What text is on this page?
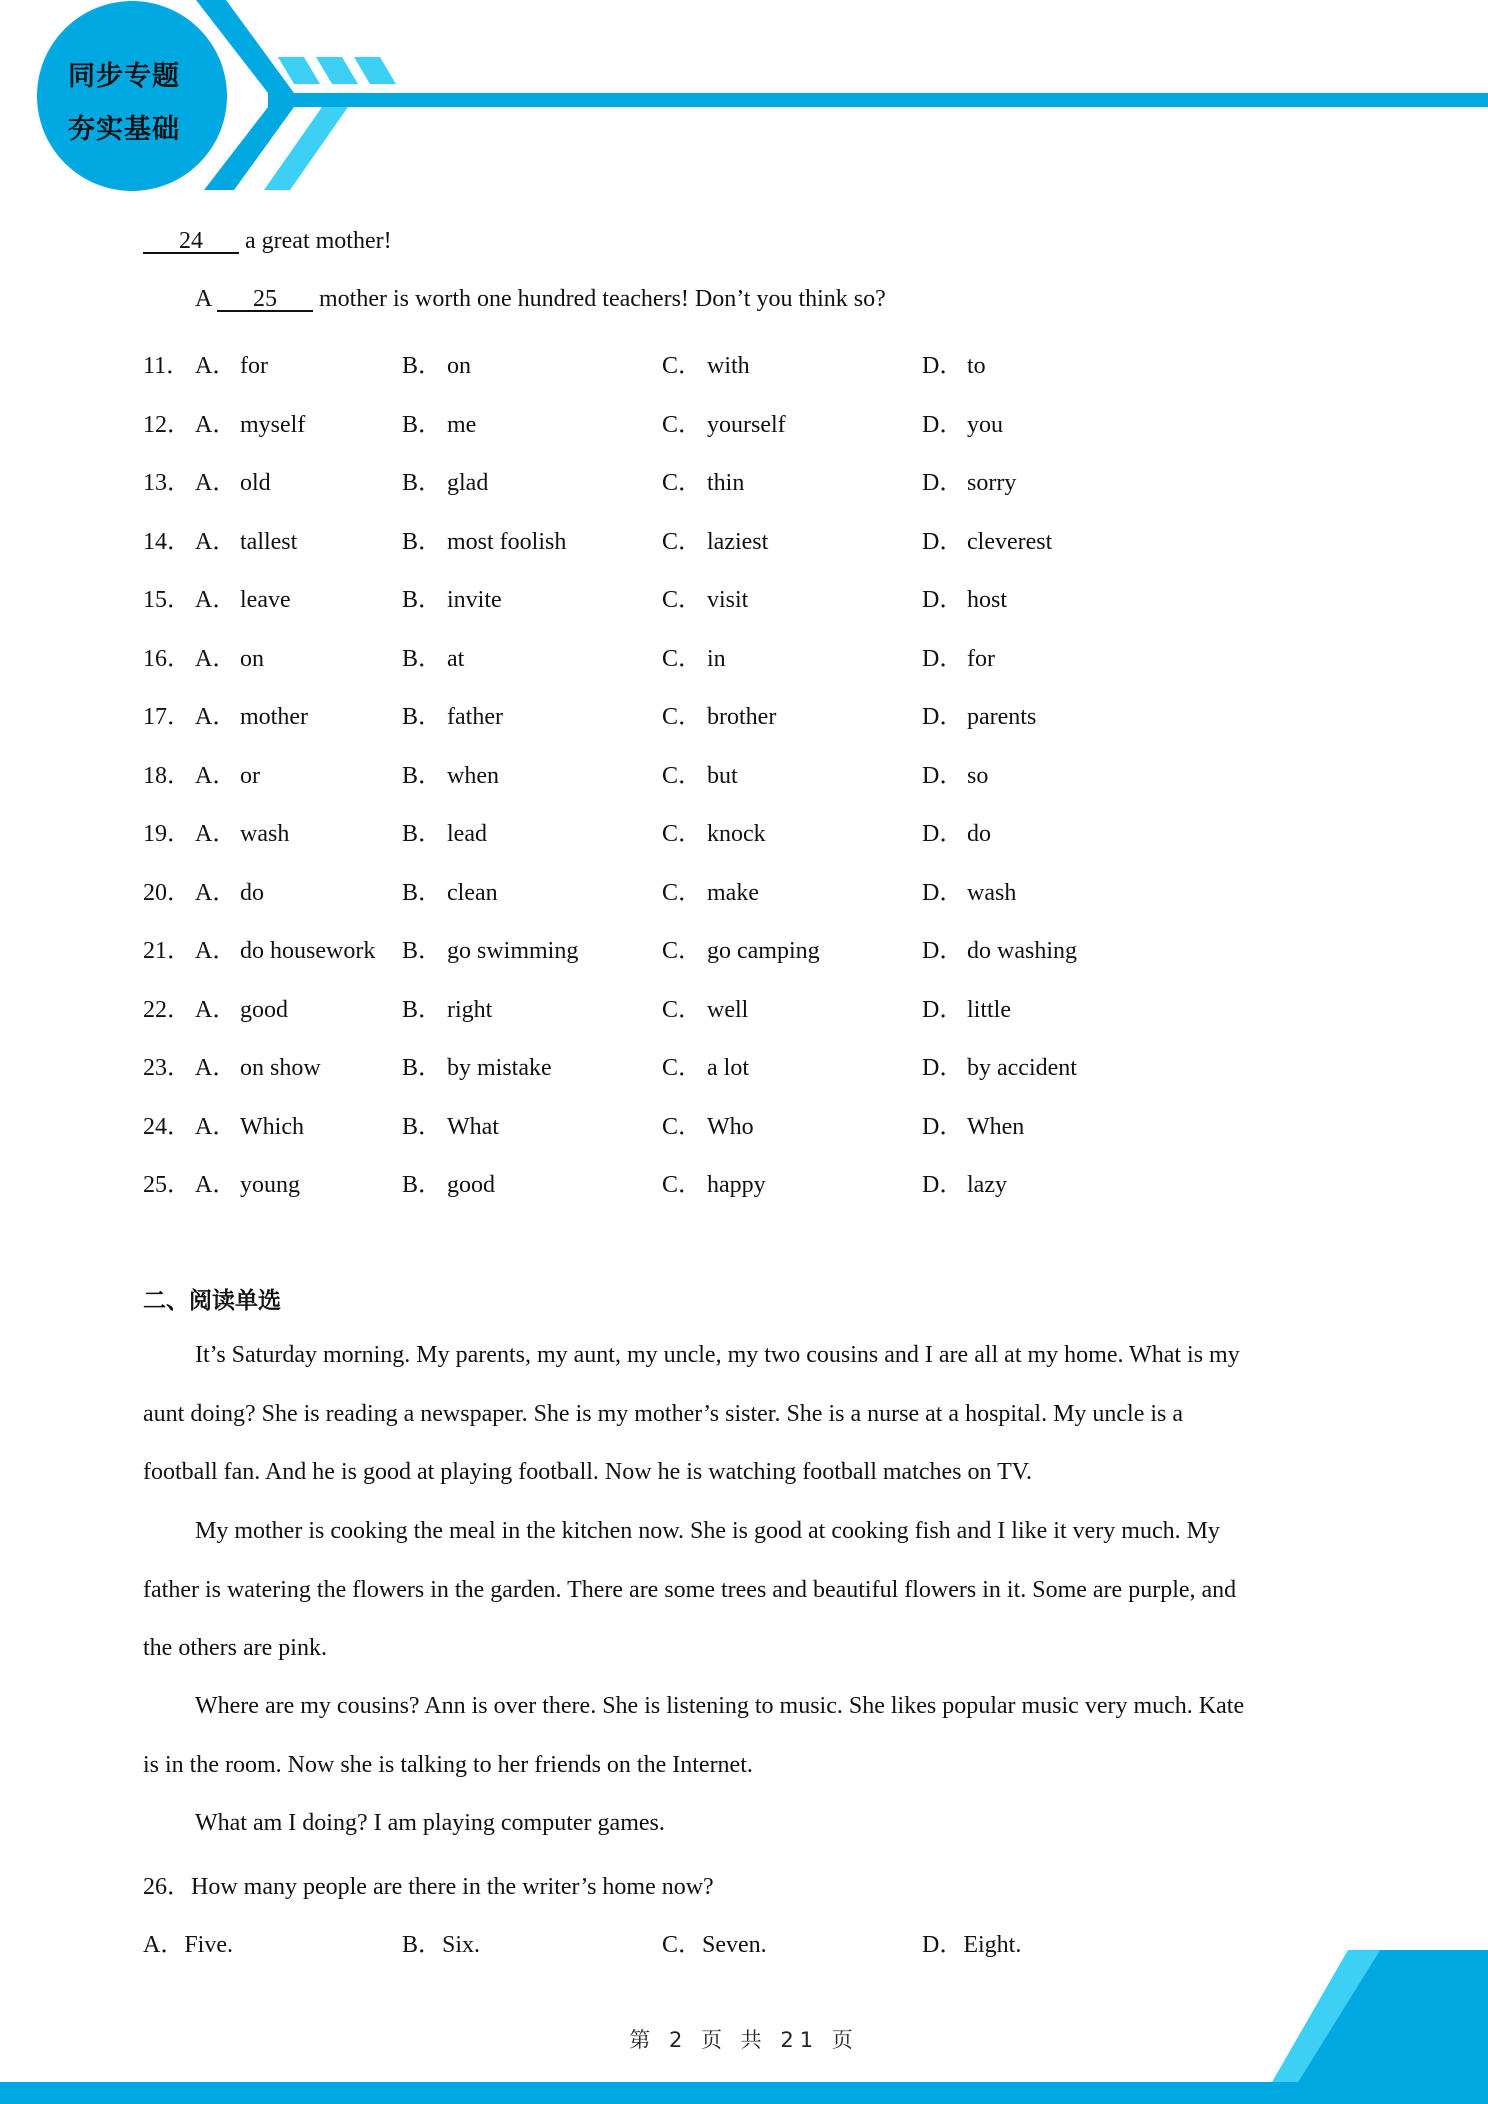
同步专题
夯实基础
24       a great mother!
A       25       mother is worth one hundred teachers! Don’t you think so?
11． A． for	B． on	C． with	D． to
12． A． myself	B． me	C． yourself	D． you
13． A． old	B． glad	C． thin	D． sorry
14． A． tallest	B． most foolish	C． laziest	D． cleverest
15． A． leave	B． invite	C． visit	D． host
16． A． on	B． at	C． in	D． for
17． A． mother	B． father	C． brother	D． parents
18． A． or	B． when	C． but	D． so
19． A． wash	B． lead	C． knock	D． do
20． A． do	B． clean	C． make	D． wash
21． A． do housework B． go swimming	C． go camping	D． do washing
22． A． good	B． right	C． well	D． little
23． A． on show	B． by mistake	C． a lot	D． by accident
24． A． Which	B． What	C． Who	D． When
25． A． young	B． good	C． happy	D． lazy
二、阅读单选
It’s Saturday morning. My parents, my aunt, my uncle, my two cousins and I are all at my home. What is my
aunt doing? She is reading a newspaper. She is my mother’s sister. She is a nurse at a hospital. My uncle is a
football fan. And he is good at playing football. Now he is watching football matches on TV.
My mother is cooking the meal in the kitchen now. She is good at cooking fish and I like it very much. My
father is watering the flowers in the garden. There are some trees and beautiful flowers in it. Some are purple, and
the others are pink.
Where are my cousins? Ann is over there. She is listening to music. She likes popular music very much. Kate
is in the room. Now she is talking to her friends on the Internet.
What am I doing? I am playing computer games.
26．How many people are there in the writer’s home now?
A．Five.	B．Six.	C．Seven.	D．Eight.
第 2 页 共 21 页
